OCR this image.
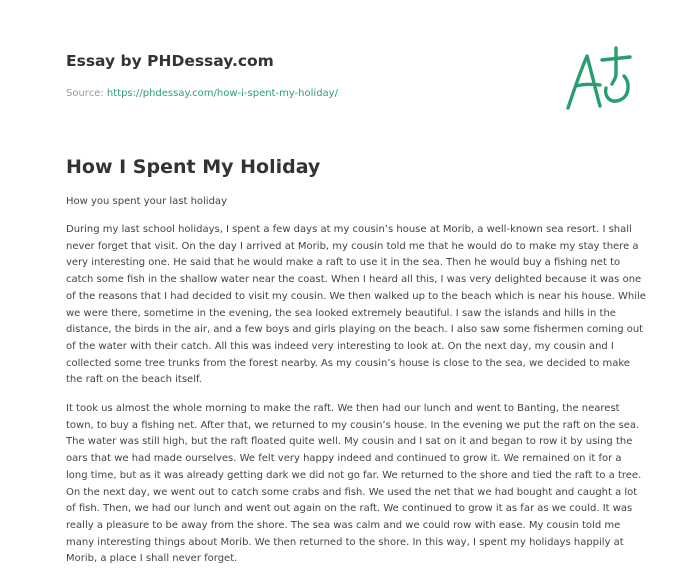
Essay by PHDessay.com
Source: https://phdessay.com/how-i-spent-my-holiday/
How I Spent My Holiday

How you spent your last holiday

During my last school holidays, I spent a few days at my cousin’s house at Morib, a well-known sea resort. I shall never forget that visit. On the day I arrived at Morib, my cousin told me that he would do to make my stay there a very interesting one. He said that he would make a raft to use it in the sea. Then he would buy a fishing net to catch some fish in the shallow water near the coast. When I heard all this, I was very delighted because it was one of the reasons that I had decided to visit my cousin. We then walked up to the beach which is near his house. While we were there, sometime in the evening, the sea looked extremely beautiful. I saw the islands and hills in the distance, the birds in the air, and a few boys and girls playing on the beach. I also saw some fishermen coming out of the water with their catch. All this was indeed very interesting to look at. On the next day, my cousin and I collected some tree trunks from the forest nearby. As my cousin’s house is close to the sea, we decided to make the raft on the beach itself.

It took us almost the whole morning to make the raft. We then had our lunch and went to Banting, the nearest town, to buy a fishing net. After that, we returned to my cousin’s house. In the evening we put the raft on the sea. The water was still high, but the raft floated quite well. My cousin and I sat on it and began to row it by using the oars that we had made ourselves. We felt very happy indeed and continued to grow it. We remained on it for a long time, but as it was already getting dark we did not go far. We returned to the shore and tied the raft to a tree. On the next day, we went out to catch some crabs and fish. We used the net that we had bought and caught a lot of fish. Then, we had our lunch and went out again on the raft. We continued to grow it as far as we could. It was really a pleasure to be away from the shore. The sea was calm and we could row with ease. My cousin told me many interesting things about Morib. We then returned to the shore. In this way, I spent my holidays happily at Morib, a place I shall never forget.
